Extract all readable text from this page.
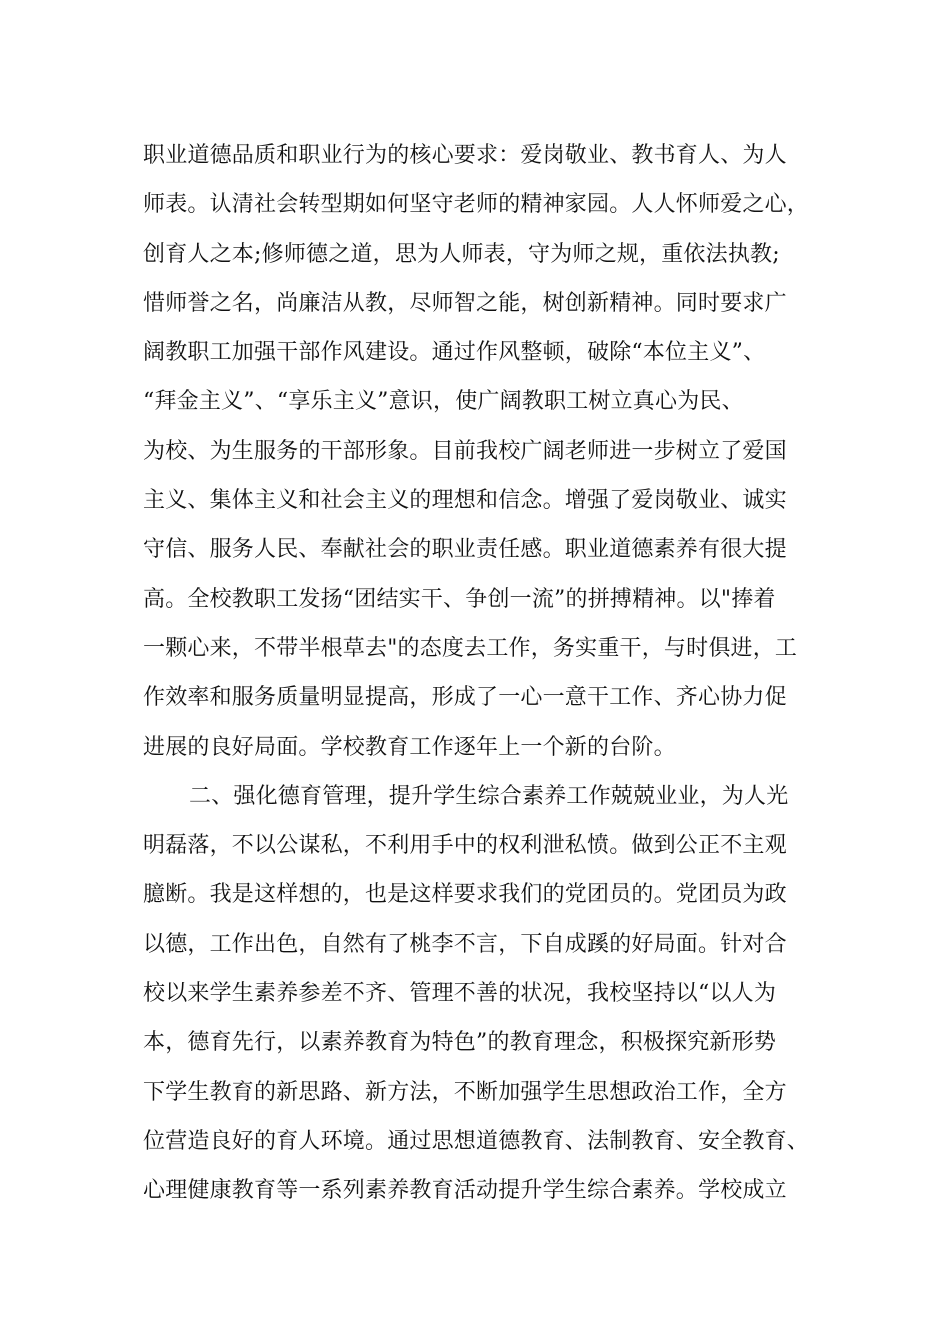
职业道德品质和职业行为的核心要求：爱岗敬业、教书育人、为人
师表。认清社会转型期如何坚守老师的精神家园。人人怀师爱之心，
创育人之本;修师德之道，思为人师表，守为师之规，重依法执教;
惜师誉之名，尚廉洁从教，尽师智之能，树创新精神。同时要求广
阔教职工加强干部作风建设。通过作风整顿，破除“本位主义”、
“拜金主义”、“享乐主义”意识，使广阔教职工树立真心为民、
为校、为生服务的干部形象。目前我校广阔老师进一步树立了爱国
主义、集体主义和社会主义的理想和信念。增强了爱岗敬业、诚实
守信、服务人民、奉献社会的职业责任感。职业道德素养有很大提
高。全校教职工发扬“团结实干、争创一流”的拼搏精神。以"捧着
一颗心来，不带半根草去"的态度去工作，务实重干，与时俱进，工
作效率和服务质量明显提高，形成了一心一意干工作、齐心协力促
进展的良好局面。学校教育工作逐年上一个新的台阶。
二、强化德育管理，提升学生综合素养工作兢兢业业，为人光
明磊落，不以公谋私，不利用手中的权利泄私愤。做到公正不主观
臆断。我是这样想的，也是这样要求我们的党团员的。党团员为政
以德，工作出色，自然有了桃李不言，下自成蹊的好局面。针对合
校以来学生素养参差不齐、管理不善的状况，我校坚持以“以人为
本，德育先行，以素养教育为特色”的教育理念，积极探究新形势
下学生教育的新思路、新方法，不断加强学生思想政治工作，全方
位营造良好的育人环境。通过思想道德教育、法制教育、安全教育、
心理健康教育等一系列素养教育活动提升学生综合素养。学校成立
